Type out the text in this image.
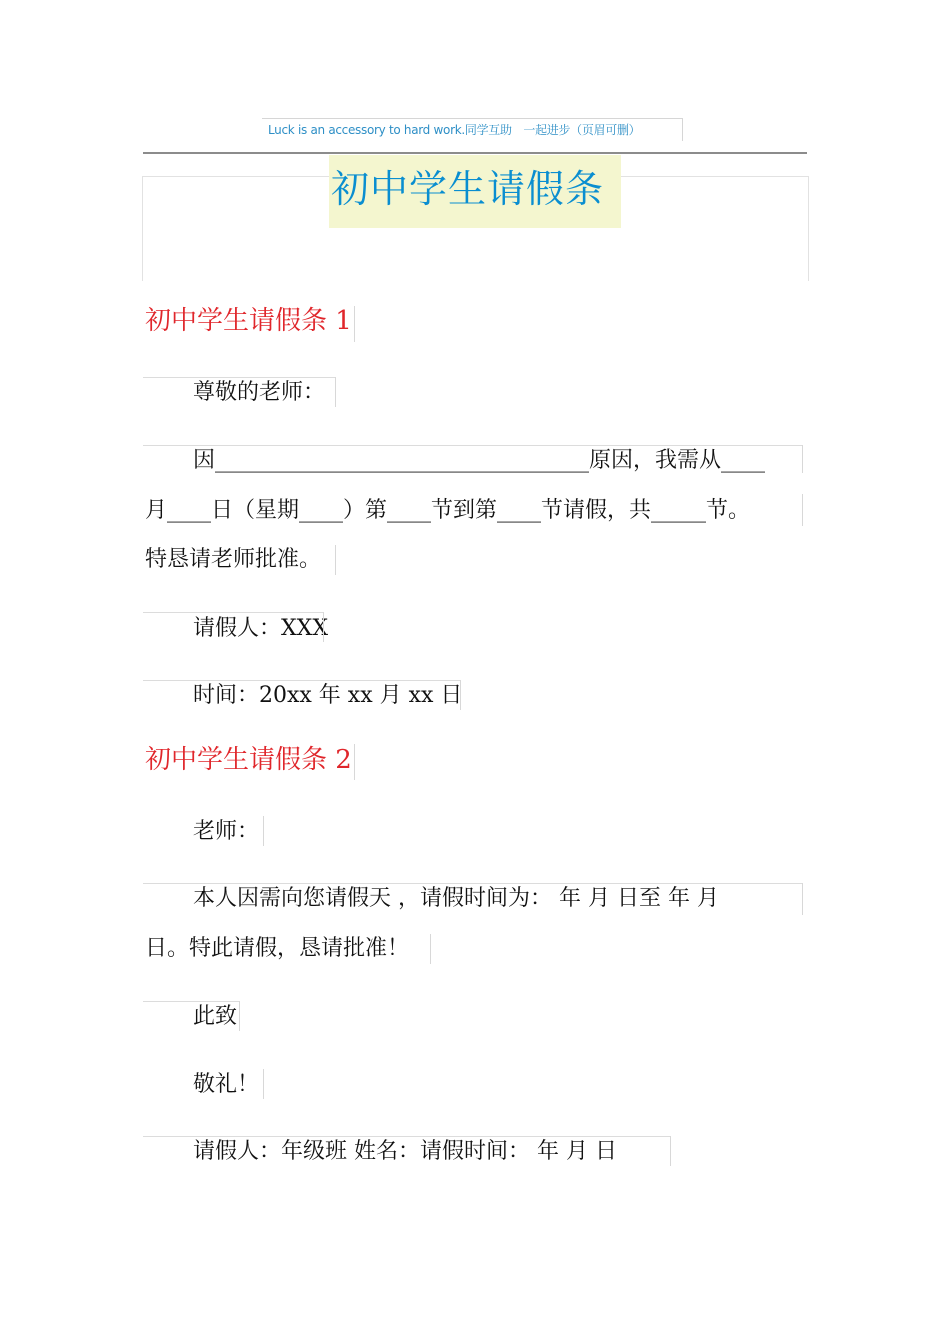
Luck is an accessory to hard work.同学互助　一起进步（页眉可删）
初中学生请假条
初中学生请假条 1
尊敬的老师：
因__________________________________原因，我需从____
月____日（星期____）第____节到第____节请假，共_____节。
特恳请老师批准。
请假人：XXX
时间：20xx 年 xx 月 xx 日
初中学生请假条 2
老师：
本人因需向您请假天 ，请假时间为： 年 月 日至 年 月
日。特此请假，恳请批准！
此致
敬礼！
请假人：年级班 姓名：请假时间： 年 月 日
